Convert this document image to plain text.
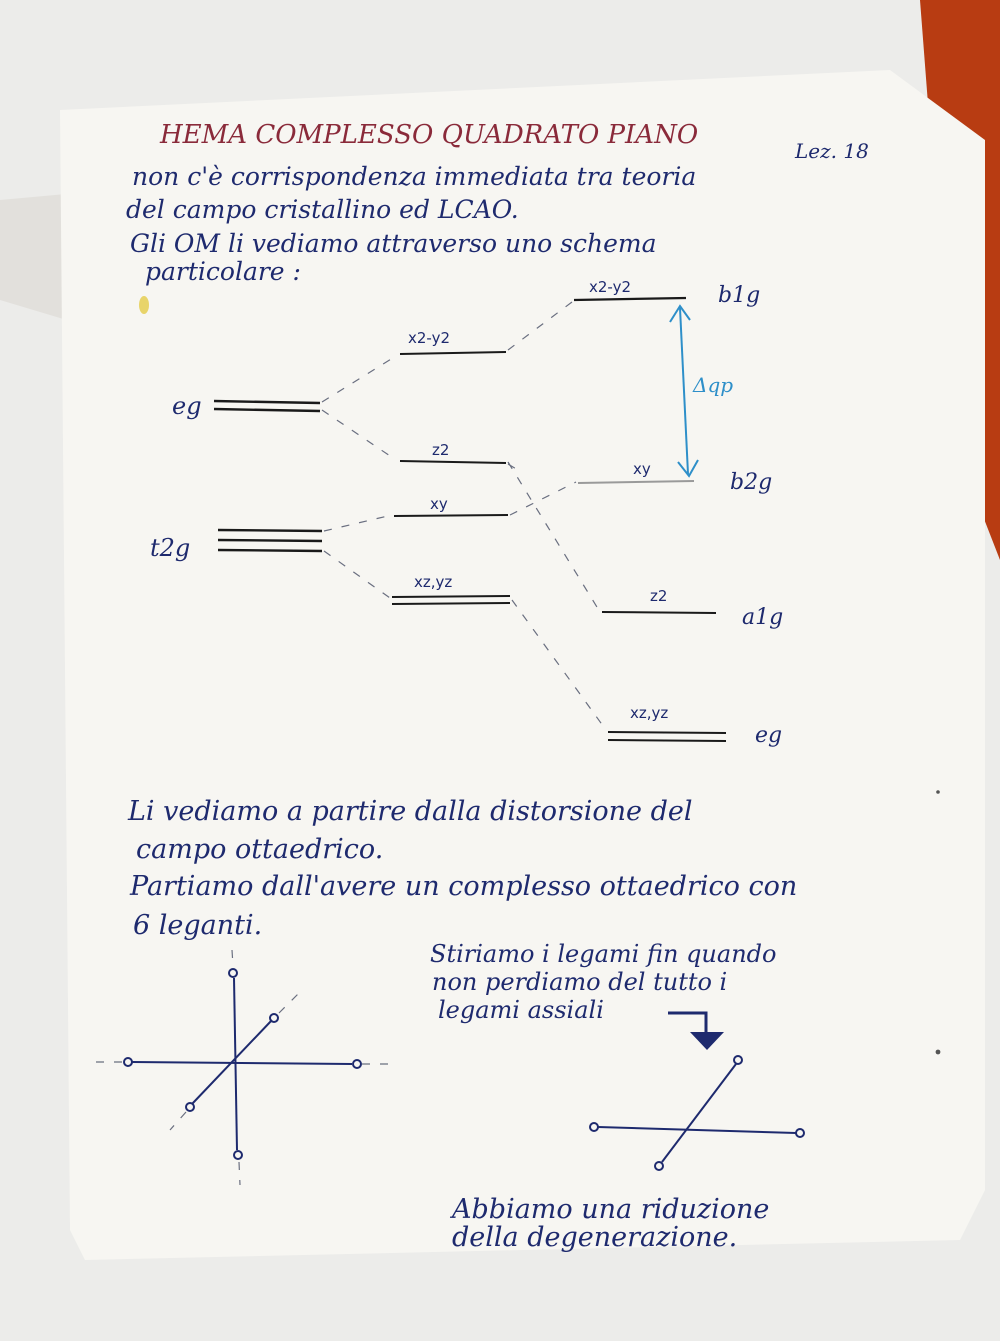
HEMA COMPLESSO QUADRATO PIANO
Lez. 18
non c'è corrispondenza immediata tra teoria
del campo cristallino ed LCAO.
Gli OM li vediamo attraverso uno schema
particolare :
eg
t2g
x2-y2
z2
xy
xz,yz
x2-y2	b1g
xy
b2g
z2
a1g
xz,yz
eg
Δqp
Li vediamo a partire dalla distorsione del
campo ottaedrico.
Partiamo dall'avere un complesso ottaedrico con
6 leganti.
Stiriamo i legami fin quando
non perdiamo del tutto i
legami assiali
Abbiamo una riduzione
della degenerazione.
